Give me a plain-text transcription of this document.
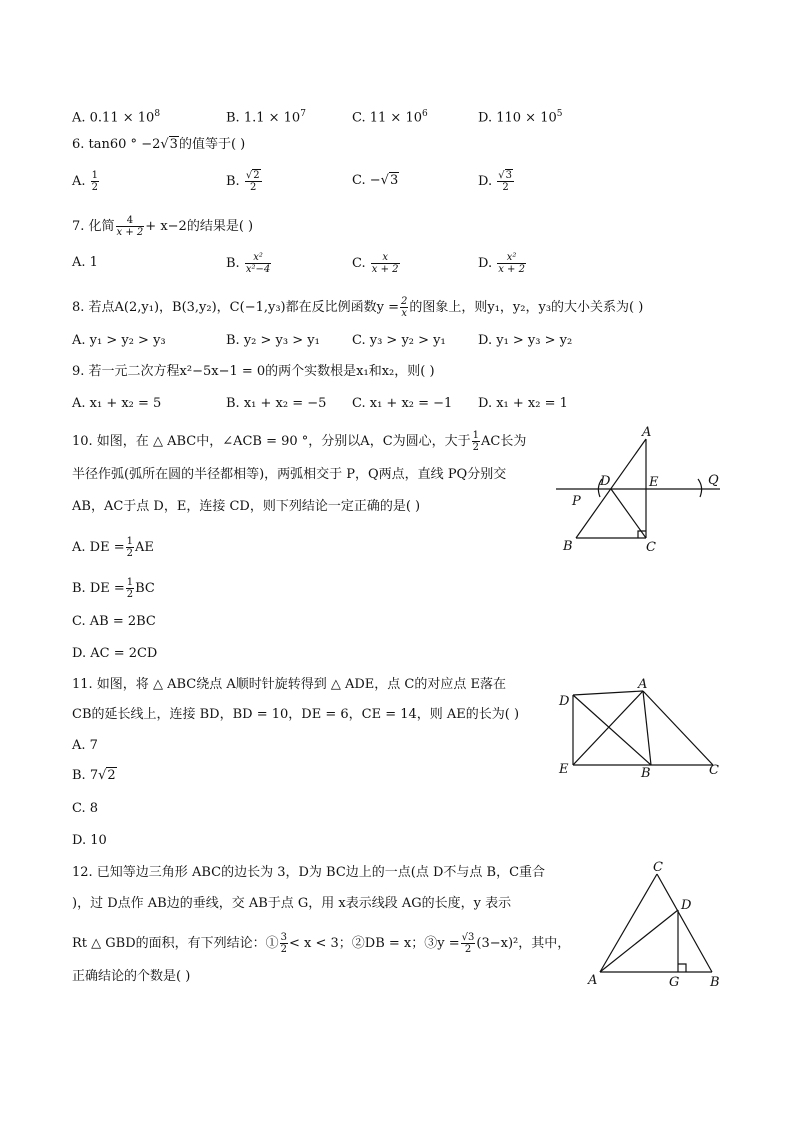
A. $0.11 \times 10^8$	B. $1.1 \times 10^7$	C. $11 \times 10^6$	D. $110 \times 10^5$
6. tan60 ° −2√3的值等于( )
A. $\frac{1}{2}$	B. $\frac{√2}{2}$	C. −√3	D. $\frac{√3}{2}$
7. 化简 $\frac{4}{x + 2} + x-2$的结果是( )
A. 1	B. $\frac{\text{x²}}{\text{x²−4}}$	C. $\frac{x}{x + 2}$	D. $\frac{\text{x²}}{x + 2}$
8. 若点A(2,y₁)，B(3,y₂)，C(−1,y₃)都在反比例函数$y = \frac{2}{x}$ 的图象上，则y₁，y₂，y₃的大小关系为( )
A. y₁ > y₂ > y₃	B. y₂ > y₃ > y₁ C. y₃ > y₂ > y₁ D. y₁ > y₃ > y₂
9. 若一元二次方程x²−5x−1 = 0的两个实数根是x₁和x₂，则( )
A. x₁ + x₂ = 5	B. x₁ + x₂ = −5 C. x₁ + x₂ = −1 D. x₁ + x₂ = 1
10. 如图，在 △ ABC中，∠ACB = 90 °，分别以A，C为圆心，大于 $\frac{1}{2}$ AC长为
半径作弧(弧所在圆的半径都相等)，两弧相交于 P，Q两点，直线 PQ分别交
AB，AC于点 D，E，连接 CD，则下列结论一定正确的是( )
A. DE = $\frac{1}{2}$ AE
B. DE = $\frac{1}{2}$ BC
C. AB = 2BC
D. AC = 2CD
A
D	E	Q
P
B	C
11. 如图，将 △ ABC绕点 A顺时针旋转得到 △ ADE，点 C的对应点 E落在
CB的延长线上，连接 BD，BD = 10，DE = 6，CE = 14，则 AE的长为( )
A. 7
B. 7√2
C. 8
D. 10
D
A
E	B	C
12. 已知等边三角形 ABC的边长为 3，D为 BC边上的一点(点 D不与点 B，C重合
)，过 D点作 AB边的垂线，交 AB于点 G，用 x表示线段 AG的长度，y 表示
Rt △ GBD的面积，有下列结论：① $\frac{3}{2} < x < 3$；②DB = x；③y = $\frac{√3}{2} (3-x)^2$，其中，
正确结论的个数是( )
C
D
A	G B
